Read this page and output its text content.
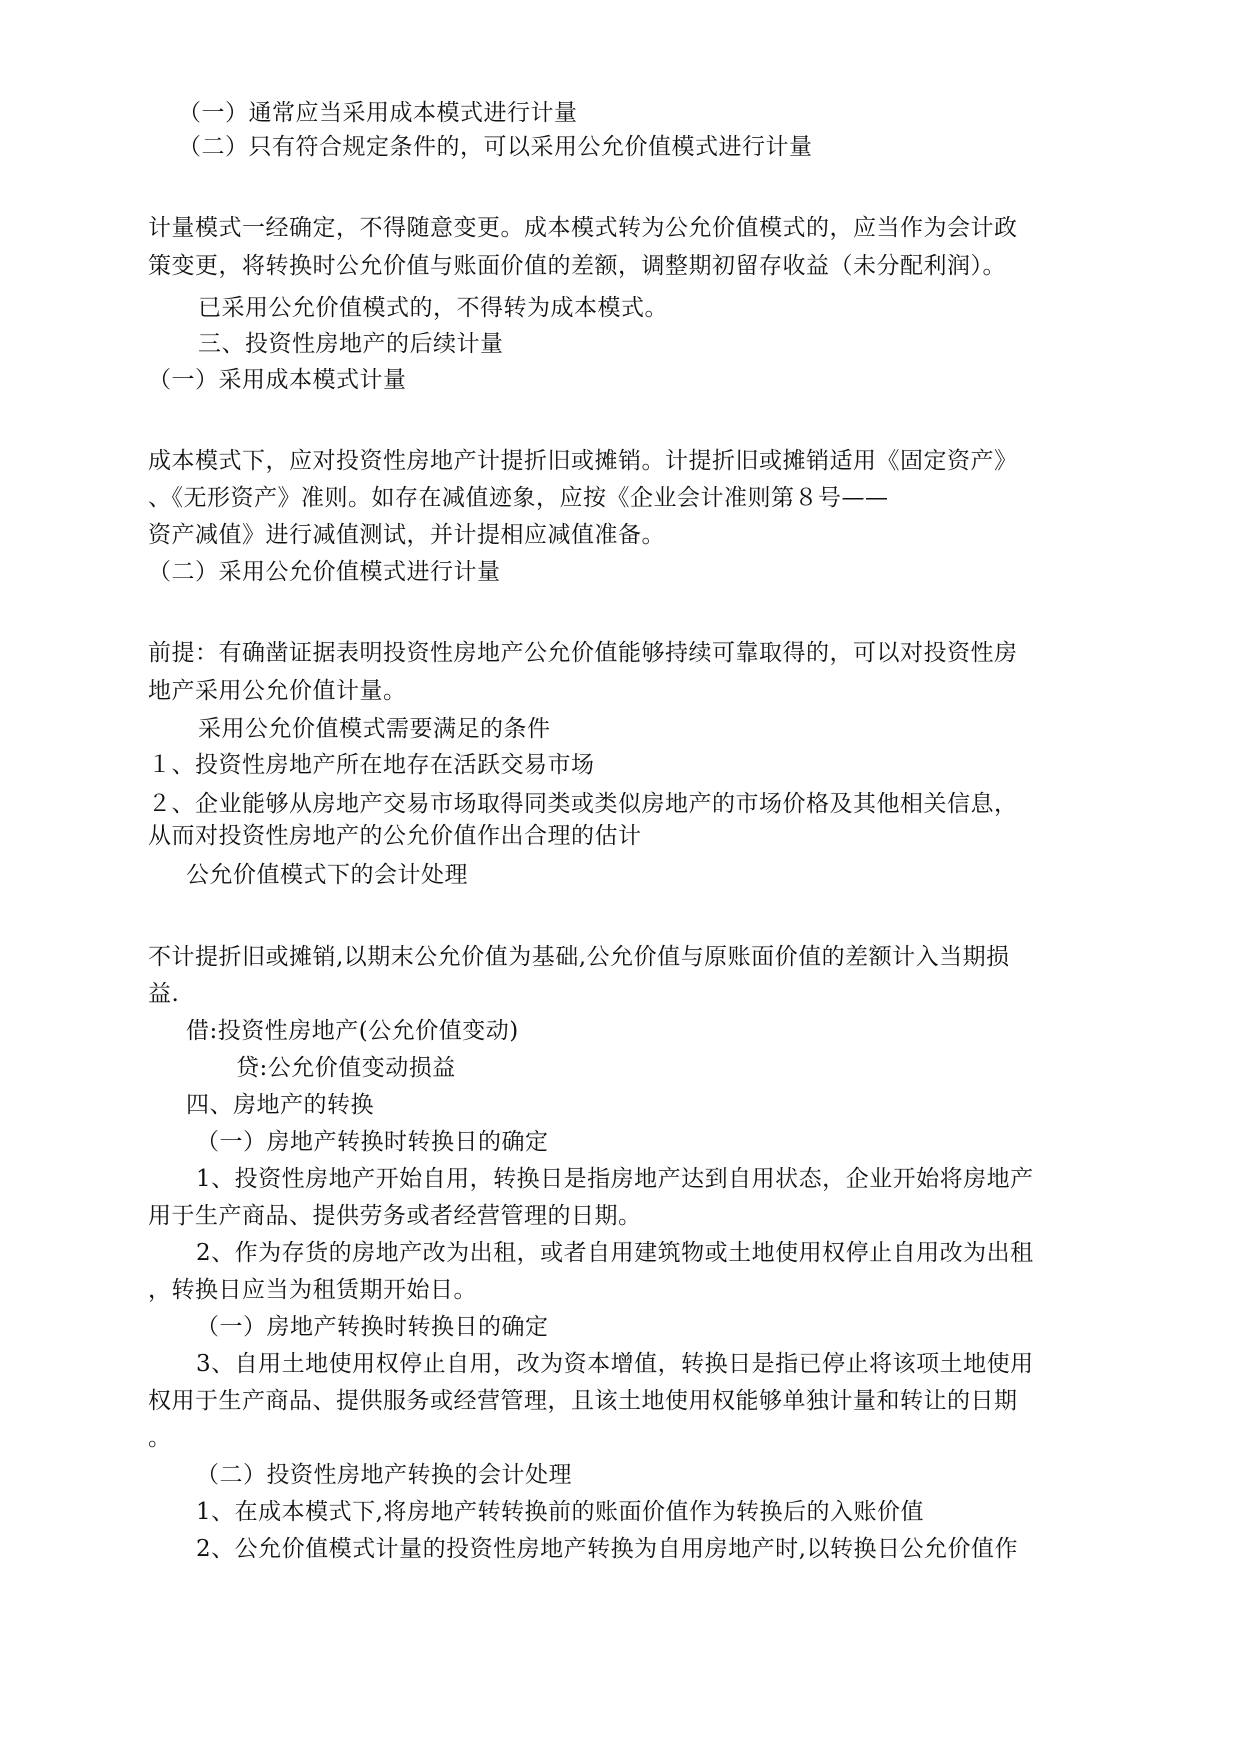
（一）通常应当采用成本模式进行计量
（二）只有符合规定条件的，可以采用公允价值模式进行计量
计量模式一经确定，不得随意变更。成本模式转为公允价值模式的，应当作为会计政
策变更，将转换时公允价值与账面价值的差额，调整期初留存收益（未分配利润）。
已采用公允价值模式的，不得转为成本模式。
三、投资性房地产的后续计量
（一）采用成本模式计量
成本模式下，应对投资性房地产计提折旧或摊销。计提折旧或摊销适用《固定资产》
、《无形资产》准则。如存在减值迹象，应按《企业会计准则第８号——
资产减值》进行减值测试，并计提相应减值准备。
（二）采用公允价值模式进行计量
前提：有确凿证据表明投资性房地产公允价值能够持续可靠取得的，可以对投资性房
地产采用公允价值计量。
采用公允价值模式需要满足的条件
１、投资性房地产所在地存在活跃交易市场
２、企业能够从房地产交易市场取得同类或类似房地产的市场价格及其他相关信息，
从而对投资性房地产的公允价值作出合理的估计
公允价值模式下的会计处理
不计提折旧或摊销,以期末公允价值为基础,公允价值与原账面价值的差额计入当期损
益.
借:投资性房地产(公允价值变动)
贷:公允价值变动损益
四、房地产的转换
（一）房地产转换时转换日的确定
1、投资性房地产开始自用，转换日是指房地产达到自用状态，企业开始将房地产
用于生产商品、提供劳务或者经营管理的日期。
2、作为存货的房地产改为出租，或者自用建筑物或土地使用权停止自用改为出租
，转换日应当为租赁期开始日。
（一）房地产转换时转换日的确定
3、自用土地使用权停止自用，改为资本增值，转换日是指已停止将该项土地使用
权用于生产商品、提供服务或经营管理，且该土地使用权能够单独计量和转让的日期
。
（二）投资性房地产转换的会计处理
1、在成本模式下,将房地产转转换前的账面价值作为转换后的入账价值
2、公允价值模式计量的投资性房地产转换为自用房地产时,以转换日公允价值作
